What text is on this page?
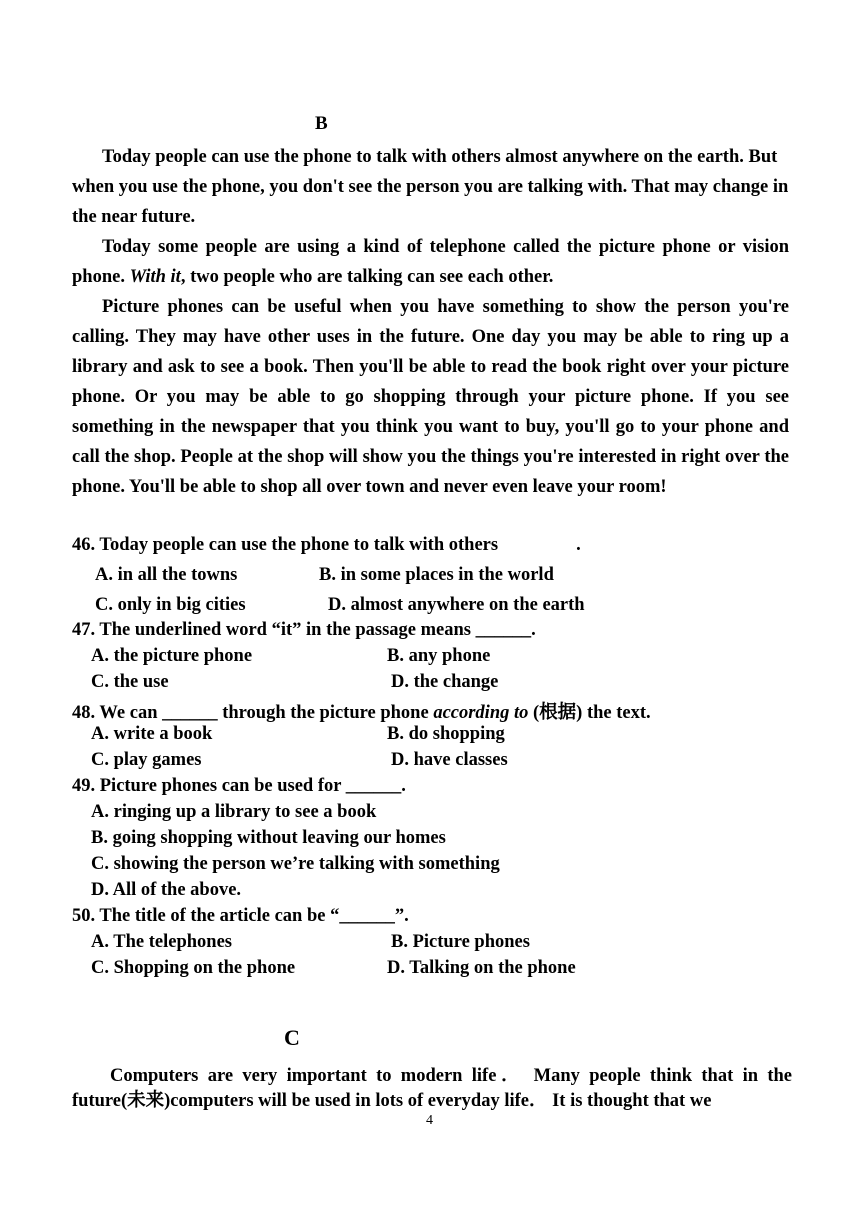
B
Today people can use the phone to talk with others almost anywhere on the earth. But when you use the phone, you don't see the person you are talking with. That may change in the near future.
Today some people are using a kind of telephone called the picture phone or vision phone. With it, two people who are talking can see each other.
Picture phones can be useful when you have something to show the person you're calling. They may have other uses in the future. One day you may be able to ring up a library and ask to see a book. Then you'll be able to read the book right over your picture phone. Or you may be able to go shopping through your picture phone. If you see something in the newspaper that you think you want to buy, you'll go to your phone and call the shop. People at the shop will show you the things you're interested in right over the phone. You'll be able to shop all over town and never even leave your room!
46. Today people can use the phone to talk with others	.
A. in all the towns	B. in some places in the world
C. only in big cities	D. almost anywhere on the earth
47. The underlined word “it” in the passage means ______.
A. the picture phone	B. any phone
C. the use	D. the change
48. We can ______ through the picture phone according to (根据) the text.
A. write a book	B. do shopping
C. play games	D. have classes
49. Picture phones can be used for ______.
A. ringing up a library to see a book
B. going shopping without leaving our homes
C. showing the person we’re talking with something
D. All of the above.
50. The title of the article can be “______”.
A. The telephones	B. Picture phones
C. Shopping on the phone	D. Talking on the phone
C
Computers are very important to modern life． Many people think that in the future(未来)computers will be used in lots of everyday life． It is thought that we
4
